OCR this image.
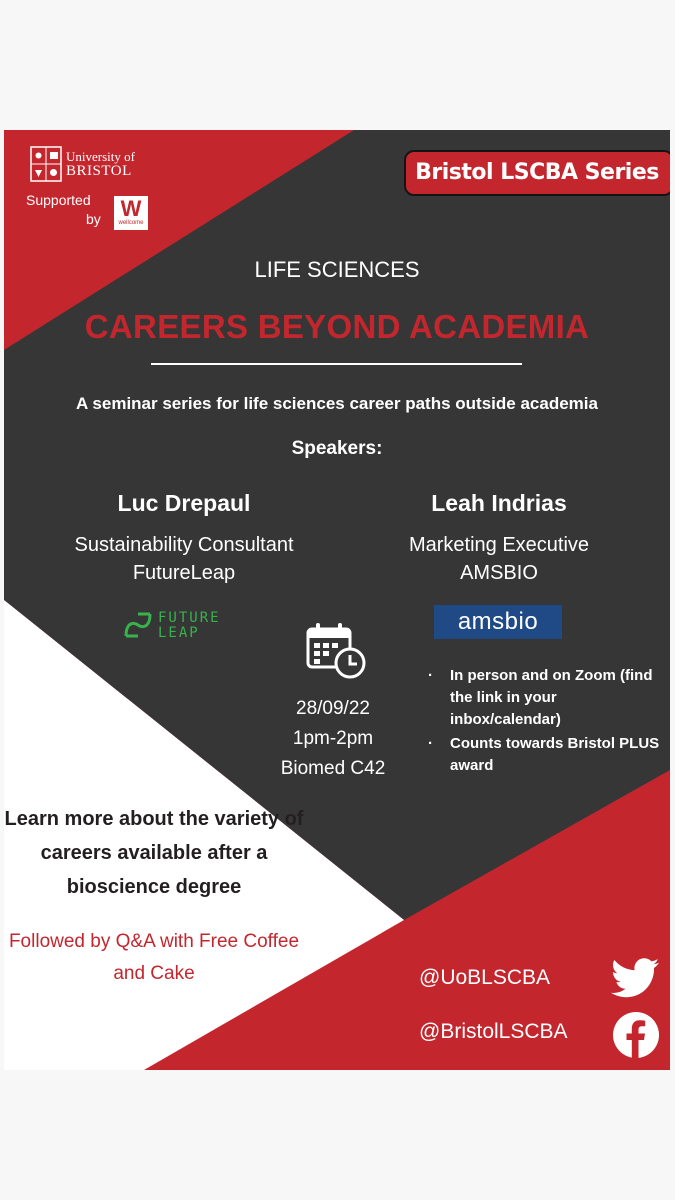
University of
BRISTOL
Supported
by W
wellcome
Bristol LSCBA Series
LIFE SCIENCES
CAREERS BEYOND ACADEMIA
A seminar series for life sciences career paths outside academia
Speakers:
Luc Drepaul
Sustainability Consultant
FutureLeap
Leah Indrias
Marketing Executive
AMSBIO
FUTURE
LEAP	amsbio
28/09/22
1pm-2pm
Biomed C42
· In person and on Zoom (find the link in your inbox/calendar)
· Counts towards Bristol PLUS award
Learn more about the variety of careers available after a bioscience degree
Followed by Q&A with Free Coffee and Cake	@UoBLSCBA
@BristolLSCBA
